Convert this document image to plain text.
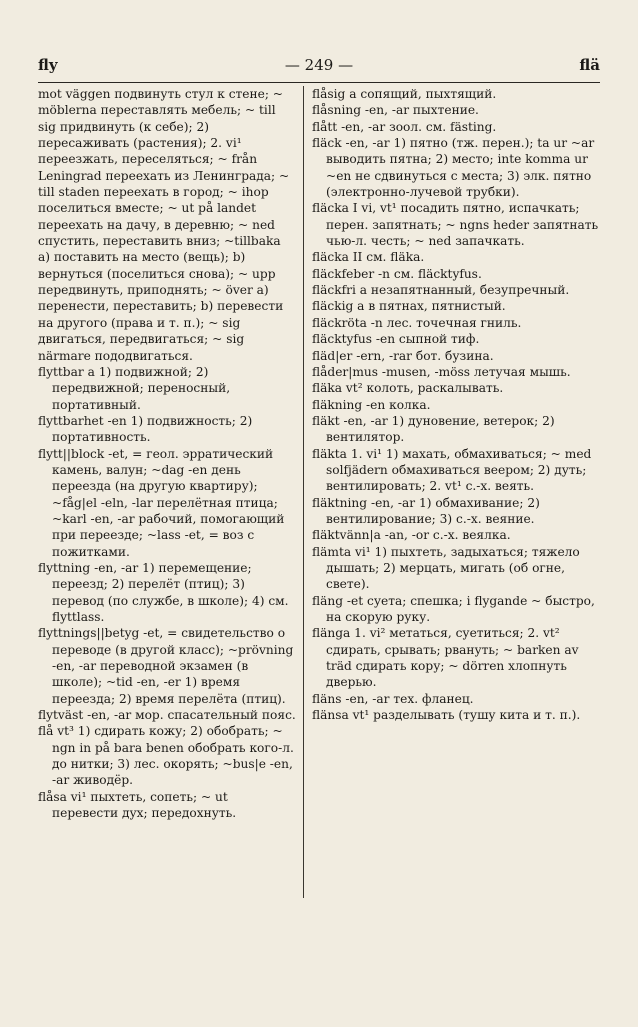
fly	— 249 —	flä

mot väggen подвинуть стул к стене; ~ möblerna переставлять мебель; ~ till sig придвинуть (к себе); 2) пересаживать (растения); 2. vi¹ переезжать, переселяться; ~ från Leningrad переехать из Ленинграда; ~ till staden переехать в город; ~ ihop поселиться вместе; ~ ut på landet переехать на дачу, в деревню; ~ ned спустить, переставить вниз; ~tillbaka a) поставить на место (вещь); b) вернуться (поселиться снова); ~ upp передвинуть, приподнять; ~ över a) перенести, переставить; b) перевести на другого (права и т. п.); ~ sig двигаться, передвигаться; ~ sig närmare пододвигаться.

flyttbar a 1) подвижной; 2) передвижной; переносный, портативный.

flyttbarhet -en 1) подвижность; 2) портативность.

flytt||block -et, = геол. эрратический камень, валун; ~dag -en день переезда (на другую квартиру); ~fåg|el -eln, -lar перелётная птица; ~karl -en, -ar рабочий, помогающий при переезде; ~lass -et, = воз с пожитками.

flyttning -en, -ar 1) перемещение; переезд; 2) перелёт (птиц); 3) перевод (по службе, в школе); 4) см. flyttlass.

flyttnings||betyg -et, = свидетельство о переводе (в другой класс); ~prövning -en, -ar переводной экзамен (в школе); ~tid -en, -er 1) время переезда; 2) время перелёта (птиц).

flytväst -en, -ar мор. спасательный пояс.

flå vt³ 1) сдирать кожу; 2) обобрать; ~ ngn in på bara benen обобрать кого-л. до нитки; 3) лес. окорять; ~bus|e -en, -ar живодёр.

flåsa vi¹ пыхтеть, сопеть; ~ ut перевести дух; передохнуть.

flåsig a сопящий, пыхтящий.

flåsning -en, -ar пыхтение.

flått -en, -ar зоол. см. fästing.

fläck -en, -ar 1) пятно (тж. перен.); ta ur ~ar выводить пятна; 2) место; inte komma ur ~en не сдвинуться с места; 3) элк. пятно (электронно-лучевой трубки).

fläcka I vi, vt¹ посадить пятно, испачкать; перен. запятнать; ~ ngns heder запятнать чью-л. честь; ~ ned запачкать.

fläcka II см. fläka.

fläckfeber -n см. fläcktyfus.

fläckfri a незапятнанный, безупречный.

fläckig a в пятнах, пятнистый.

fläckröta -n лес. точечная гниль.

fläcktyfus -en сыпной тиф.

fläd|er -ern, -rar бот. бузина.

flåder|mus -musen, -möss летучая мышь.

fläka vt² колоть, раскалывать.

fläkning -en колка.

fläkt -en, -ar 1) дуновение, ветерок; 2) вентилятор.

fläkta 1. vi¹ 1) махать, обмахиваться; ~ med solfjädern обмахиваться веером; 2) дуть; вентилировать; 2. vt¹ с.-х. веять.

fläktning -en, -ar 1) обмахивание; 2) вентилирование; 3) с.-х. веяние.

fläktvänn|a -an, -or с.-х. веялка.

flämta vi¹ 1) пыхтеть, задыхаться; тяжело дышать; 2) мерцать, мигать (об огне, свете).

fläng -et суета; спешка; i flygande ~ быстро, на скорую руку.

flänga 1. vi² метаться, суетиться; 2. vt² сдирать, срывать; рвануть; ~ barken av träd сдирать кору; ~ dörren хлопнуть дверью.

fläns -en, -ar тех. фланец.

flänsa vt¹ разделывать (тушу кита и т. п.).
